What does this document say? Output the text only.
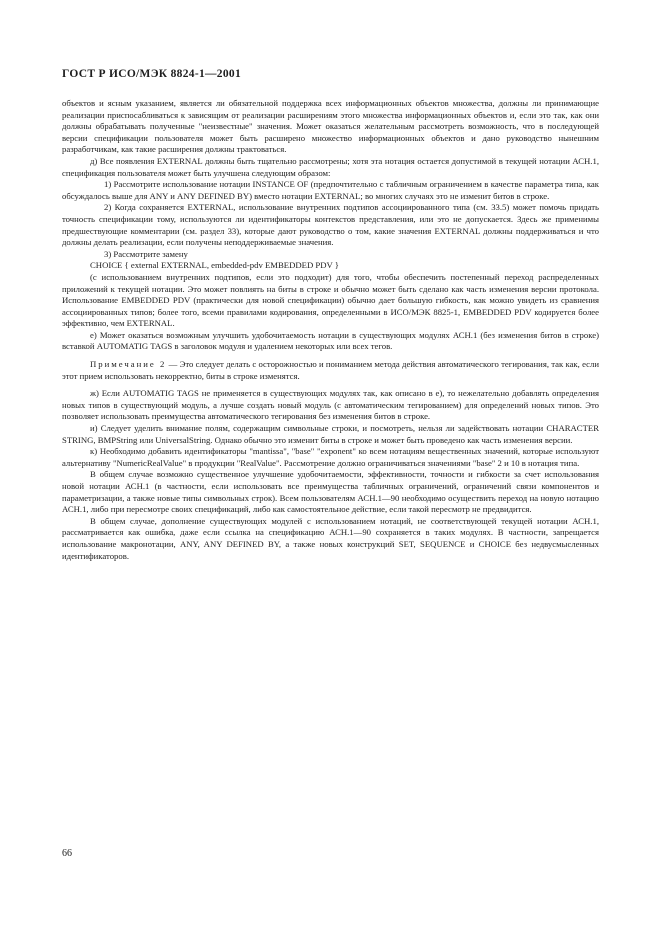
ГОСТ Р ИСО/МЭК 8824-1—2001

объектов и ясным указанием, является ли обязательной поддержка всех информационных объектов множества, должны ли принимающие реализации приспосабливаться к зависящим от реализации расширениям этого множества информационных объектов и, если это так, как они должны обрабатывать полученные "неизвестные" значения. Может оказаться желательным рассмотреть возможность, что в последующей версии спецификации пользователя может быть расширено множество информационных объектов и дано руководство нынешним разработчикам, как такие расширения должны трактоваться.

д) Все появления EXTERNAL должны быть тщательно рассмотрены; хотя эта нотация остается допустимой в текущей нотации АСН.1, спецификация пользователя может быть улучшена следующим образом:

1) Рассмотрите использование нотации INSTANCE OF (предпочтительно с табличным ограничением в качестве параметра типа, как обсуждалось выше для ANY и ANY DEFINED BY) вместо нотации EXTERNAL; во многих случаях это не изменит битов в строке.

2) Когда сохраняется EXTERNAL, использование внутренних подтипов ассоциированного типа (см. 33.5) может помочь придать точность спецификации тому, используются ли идентификаторы контекстов представления, или это не допускается. Здесь же применимы предшествующие комментарии (см. раздел 33), которые дают руководство о том, какие значения EXTERNAL должны поддерживаться и что должны делать реализации, если получены неподдерживаемые значения.

3) Рассмотрите замену

CHOICE { external EXTERNAL, embedded-pdv EMBEDDED PDV }

(с использованием внутренних подтипов, если это подходит) для того, чтобы обеспечить постепенный переход распределенных приложений к текущей нотации. Это может повлиять на биты в строке и обычно может быть сделано как часть изменения версии протокола. Использование EMBEDDED PDV (практически для новой спецификации) обычно дает большую гибкость, как можно увидеть из сравнения ассоциированных типов; более того, всеми правилами кодирования, определенными в ИСО/МЭК 8825-1, EMBEDDED PDV кодируется более эффективно, чем EXTERNAL.

е) Может оказаться возможным улучшить удобочитаемость нотации в существующих модулях АСН.1 (без изменения битов в строке) вставкой AUTOMATIG TAGS в заголовок модуля и удалением некоторых или всех тегов.

Примечание 2 — Это следует делать с осторожностью и пониманием метода действия автоматического тегирования, так как, если этот прием использовать некорректно, биты в строке изменятся.

ж) Если AUTOMATIG TAGS не применяется в существующих модулях так, как описано в е), то нежелательно добавлять определения новых типов в существующий модуль, а лучше создать новый модуль (с автоматическим тегированием) для определений новых типов. Это позволяет использовать преимущества автоматического тегирования без изменения битов в строке.

и) Следует уделить внимание полям, содержащим символьные строки, и посмотреть, нельзя ли задействовать нотации CHARACTER STRING, BMPString или UniversalString. Однако обычно это изменит биты в строке и может быть проведено как часть изменения версии.

к) Необходимо добавить идентификаторы "mantissa", "base" "exponent" ко всем нотациям вещественных значений, которые используют альтернативу "NumericRealValue" в продукции "RealValue". Рассмотрение должно ограничиваться значениями "base" 2 и 10 в нотация типа.

В общем случае возможно существенное улучшение удобочитаемости, эффективности, точности и гибкости за счет использования новой нотации АСН.1 (в частности, если использовать все преимущества табличных ограничений, ограничений связи компонентов и параметризации, а также новые типы символьных строк). Всем пользователям АСН.1—90 необходимо осуществить переход на новую нотацию АСН.1, либо при пересмотре своих спецификаций, либо как самостоятельное действие, если такой пересмотр не предвидится.

В общем случае, дополнение существующих модулей с использованием нотаций, не соответствующей текущей нотации АСН.1, рассматривается как ошибка, даже если ссылка на спецификацию АСН.1—90 сохраняется в таких модулях. В частности, запрещается использование макронотации, ANY, ANY DEFINED BY, а также новых конструкций SET, SEQUENCE и CHOICE без недвусмысленных идентификаторов.

66
